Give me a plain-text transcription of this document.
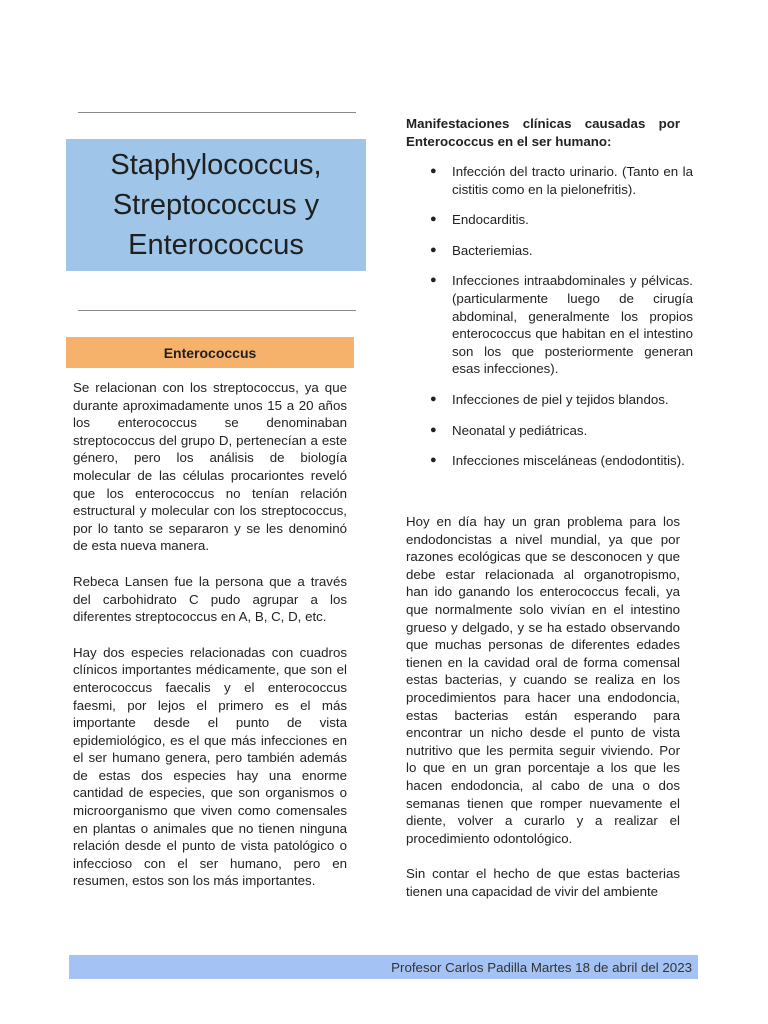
Staphylococcus,
Streptococcus y
Enterococcus
Enterococcus

Se relacionan con los streptococcus, ya que durante aproximadamente unos 15 a 20 años los enterococcus se denominaban streptococcus del grupo D, pertenecían a este género, pero los análisis de biología molecular de las células procariontes reveló que los enterococcus no tenían relación estructural y molecular con los streptococcus, por lo tanto se separaron y se les denominó de esta nueva manera.

Rebeca Lansen fue la persona que a través del carbohidrato C pudo agrupar a los diferentes streptococcus en A, B, C, D, etc.

Hay dos especies relacionadas con cuadros clínicos importantes médicamente, que son el enterococcus faecalis y el enterococcus faesmi, por lejos el primero es el más importante desde el punto de vista epidemiológico, es el que más infecciones en el ser humano genera, pero también además de estas dos especies hay una enorme cantidad de especies, que son organismos o microorganismo que viven como comensales en plantas o animales que no tienen ninguna relación desde el punto de vista patológico o infeccioso con el ser humano, pero en resumen, estos son los más importantes.

Manifestaciones clínicas causadas por Enterococcus en el ser humano:
● Infección del tracto urinario. (Tanto en la cistitis como en la pielonefritis).
● Endocarditis.
● Bacteriemias.
● Infecciones intraabdominales y pélvicas. (particularmente luego de cirugía abdominal, generalmente los propios enterococcus que habitan en el intestino son los que posteriormente generan esas infecciones).
● Infecciones de piel y tejidos blandos.
● Neonatal y pediátricas.
● Infecciones misceláneas (endodontitis).

Hoy en día hay un gran problema para los endodoncistas a nivel mundial, ya que por razones ecológicas que se desconocen y que debe estar relacionada al organotropismo, han ido ganando los enterococcus fecali, ya que normalmente solo vivían en el intestino grueso y delgado, y se ha estado observando que muchas personas de diferentes edades tienen en la cavidad oral de forma comensal estas bacterias, y cuando se realiza en los procedimientos para hacer una endodoncia, estas bacterias están esperando para encontrar un nicho desde el punto de vista nutritivo que les permita seguir viviendo. Por lo que en un gran porcentaje a los que les hacen endodoncia, al cabo de una o dos semanas tienen que romper nuevamente el diente, volver a curarlo y a realizar el procedimiento odontológico.

Sin contar el hecho de que estas bacterias tienen una capacidad de vivir del ambiente

Profesor Carlos Padilla Martes 18 de abril del 2023
